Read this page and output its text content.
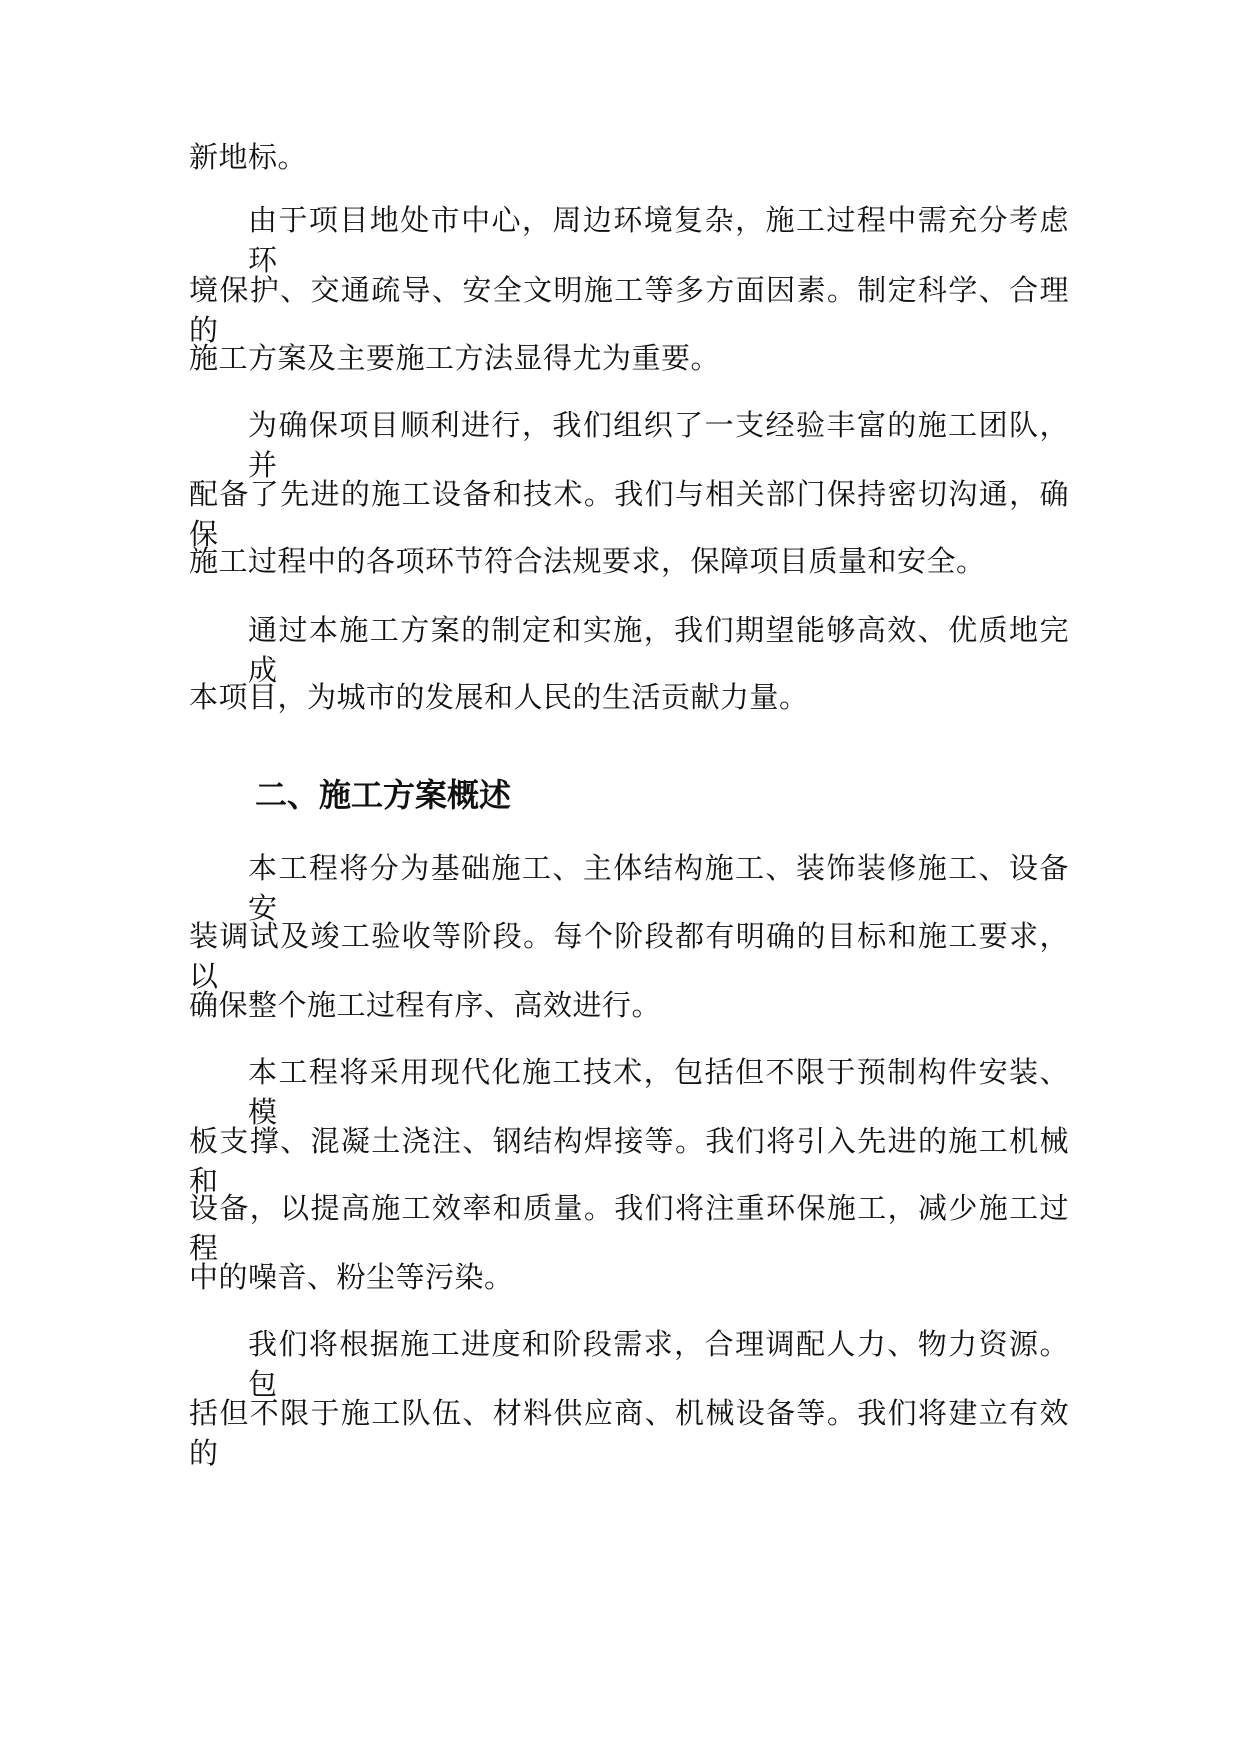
新地标。
由于项目地处市中心，周边环境复杂，施工过程中需充分考虑环
境保护、交通疏导、安全文明施工等多方面因素。制定科学、合理的
施工方案及主要施工方法显得尤为重要。
为确保项目顺利进行，我们组织了一支经验丰富的施工团队，并
配备了先进的施工设备和技术。我们与相关部门保持密切沟通，确保
施工过程中的各项环节符合法规要求，保障项目质量和安全。
通过本施工方案的制定和实施，我们期望能够高效、优质地完成
本项目，为城市的发展和人民的生活贡献力量。
二、施工方案概述
本工程将分为基础施工、主体结构施工、装饰装修施工、设备安
装调试及竣工验收等阶段。每个阶段都有明确的目标和施工要求，以
确保整个施工过程有序、高效进行。
本工程将采用现代化施工技术，包括但不限于预制构件安装、模
板支撑、混凝土浇注、钢结构焊接等。我们将引入先进的施工机械和
设备，以提高施工效率和质量。我们将注重环保施工，减少施工过程
中的噪音、粉尘等污染。
我们将根据施工进度和阶段需求，合理调配人力、物力资源。包
括但不限于施工队伍、材料供应商、机械设备等。我们将建立有效的
